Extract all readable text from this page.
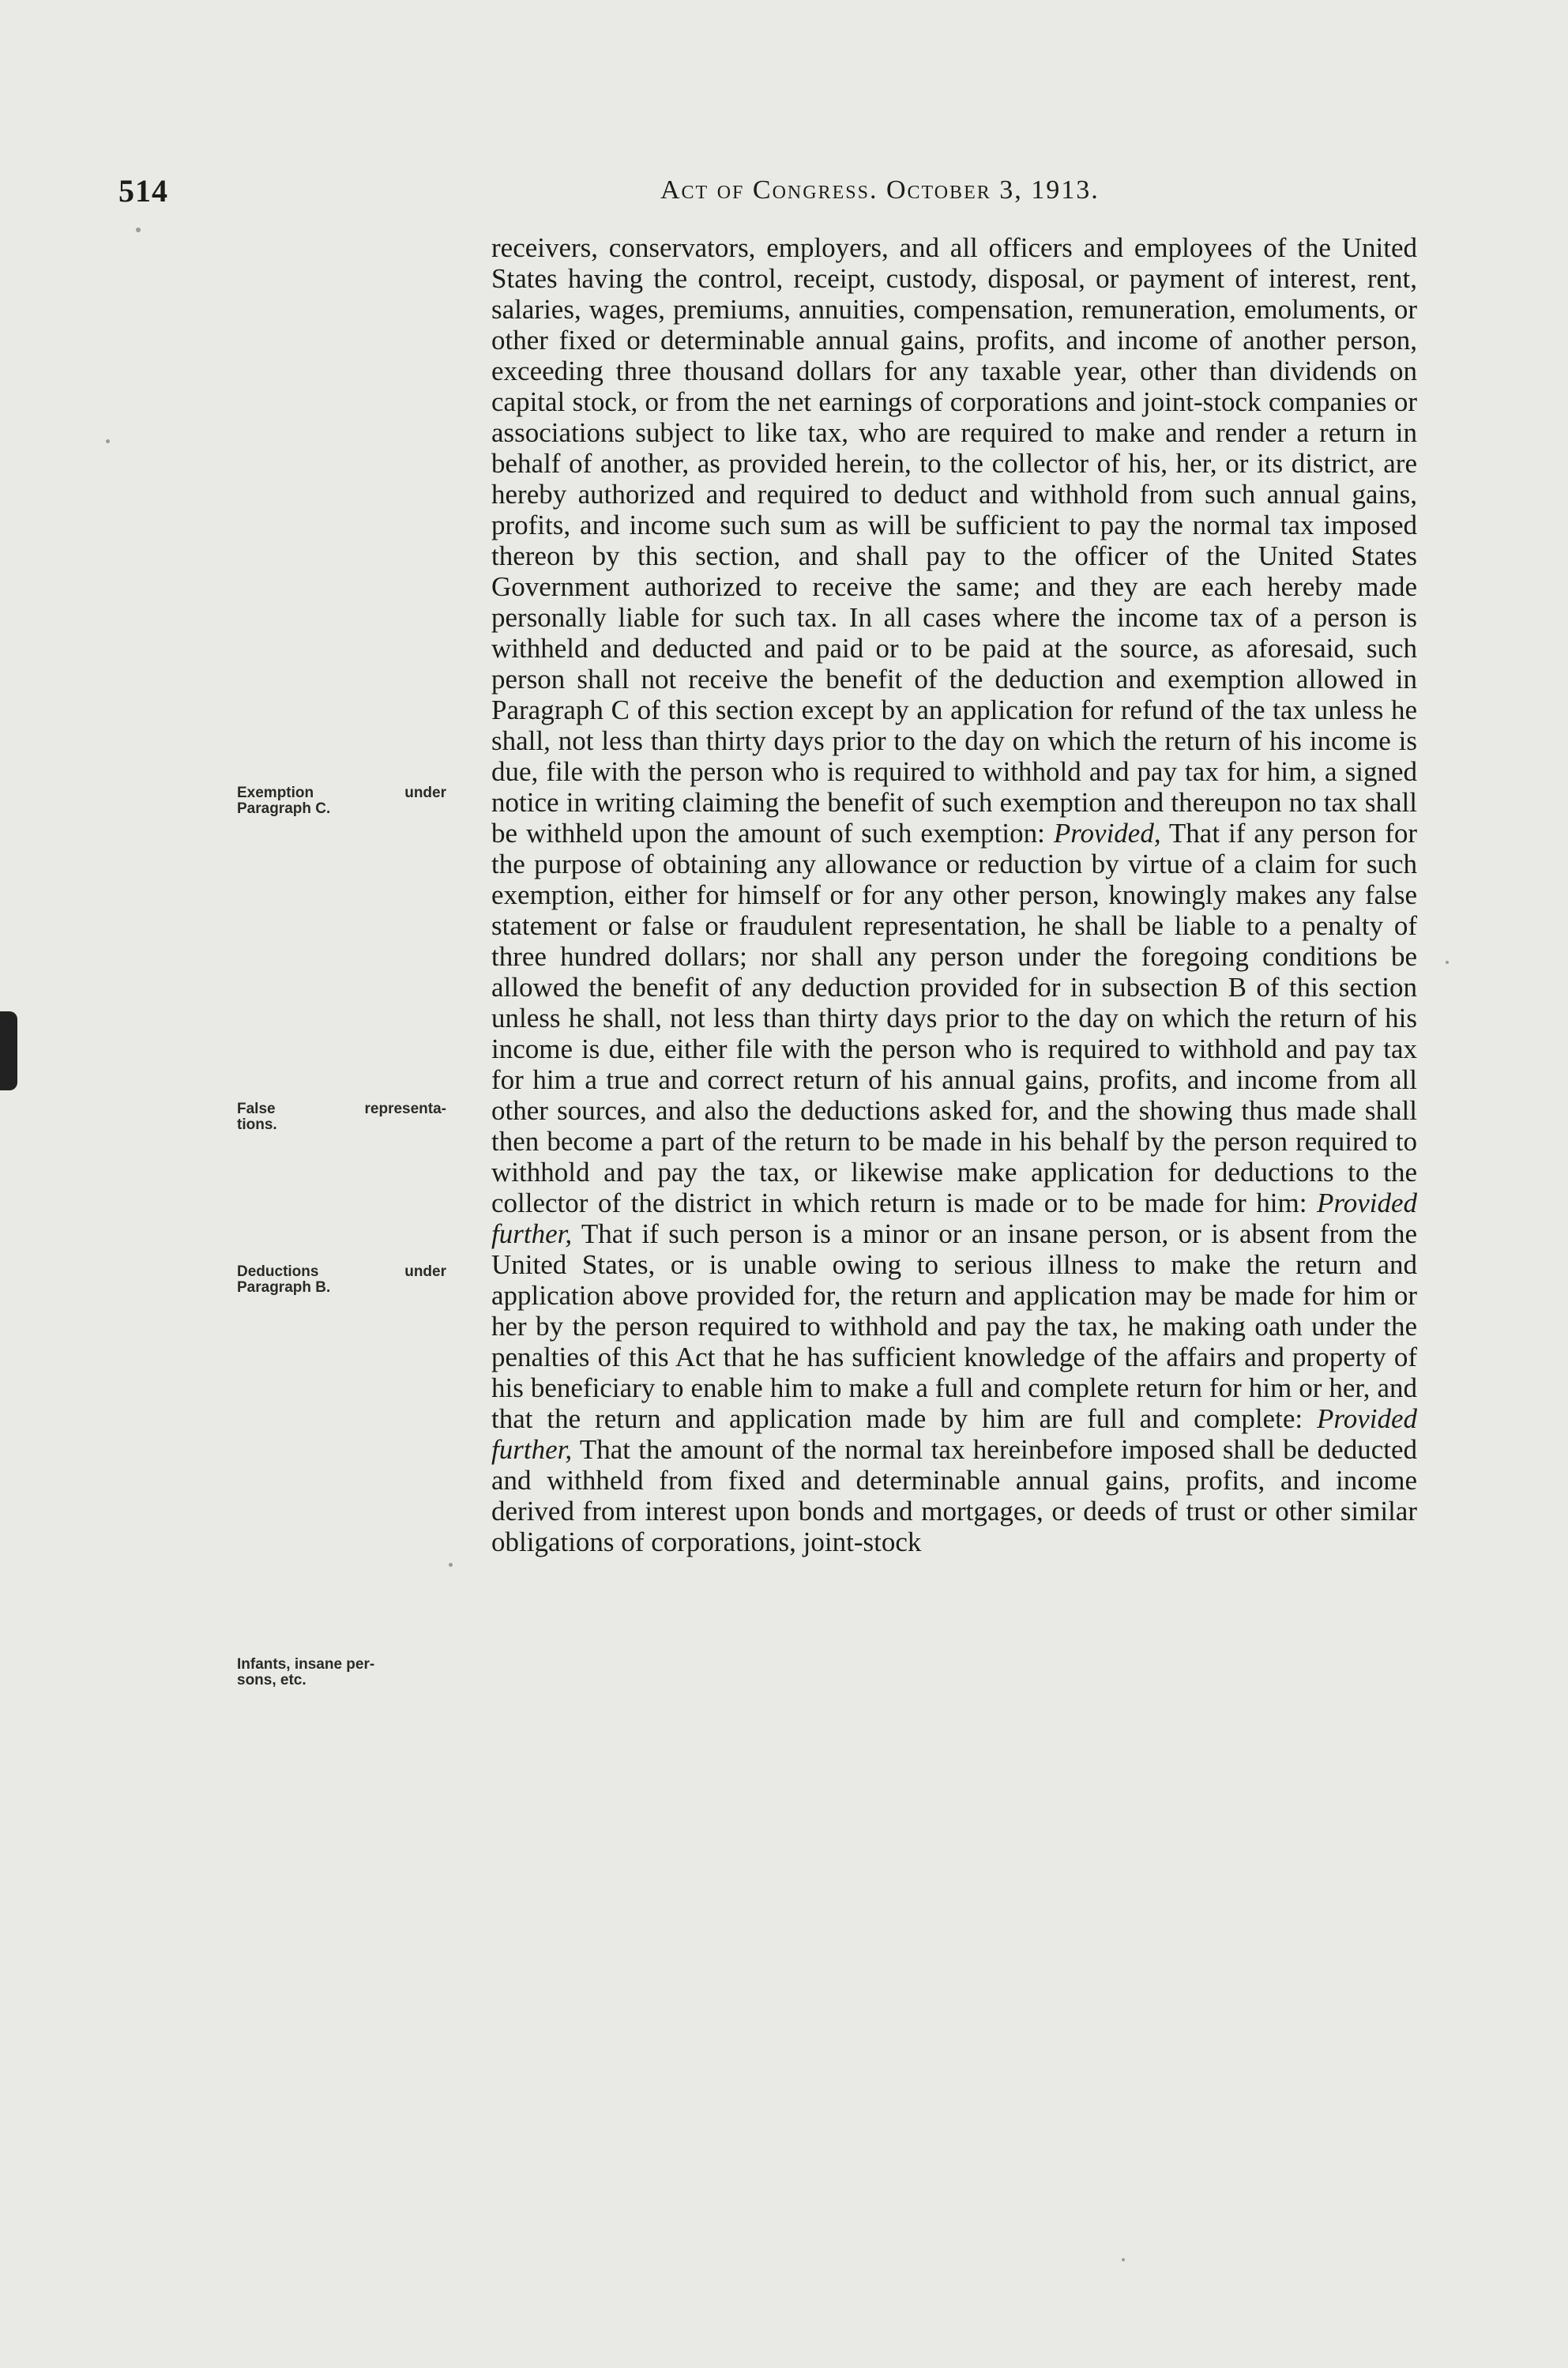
514	Act of Congress. October 3, 1913.
Exemption	under
Paragraph C.
False	representa-
tions.
Deductions	under
Paragraph B.
Infants, insane per-
sons, etc.

receivers, conservators, employers, and all officers and employees of the United States having the control, receipt, custody, disposal, or payment of interest, rent, salaries, wages, premiums, annuities, compensation, remuneration, emoluments, or other fixed or determinable annual gains, profits, and income of another person, exceeding three thousand dollars for any taxable year, other than dividends on capital stock, or from the net earnings of corporations and joint-stock companies or associations subject to like tax, who are required to make and render a return in behalf of another, as provided herein, to the collector of his, her, or its district, are hereby authorized and required to deduct and withhold from such annual gains, profits, and income such sum as will be sufficient to pay the normal tax imposed thereon by this section, and shall pay to the officer of the United States Government authorized to receive the same; and they are each hereby made personally liable for such tax. In all cases where the income tax of a person is withheld and deducted and paid or to be paid at the source, as aforesaid, such person shall not receive the benefit of the deduction and exemption allowed in Paragraph C of this section except by an application for refund of the tax unless he shall, not less than thirty days prior to the day on which the return of his income is due, file with the person who is required to withhold and pay tax for him, a signed notice in writing claiming the benefit of such exemption and thereupon no tax shall be withheld upon the amount of such exemption: Provided, That if any person for the purpose of obtaining any allowance or reduction by virtue of a claim for such exemption, either for himself or for any other person, knowingly makes any false statement or false or fraudulent representation, he shall be liable to a penalty of three hundred dollars; nor shall any person under the foregoing conditions be allowed the benefit of any deduction provided for in subsection B of this section unless he shall, not less than thirty days prior to the day on which the return of his income is due, either file with the person who is required to withhold and pay tax for him a true and correct return of his annual gains, profits, and income from all other sources, and also the deductions asked for, and the showing thus made shall then become a part of the return to be made in his behalf by the person required to withhold and pay the tax, or likewise make application for deductions to the collector of the district in which return is made or to be made for him: Provided further, That if such person is a minor or an insane person, or is absent from the United States, or is unable owing to serious illness to make the return and application above provided for, the return and application may be made for him or her by the person required to withhold and pay the tax, he making oath under the penalties of this Act that he has sufficient knowledge of the affairs and property of his beneficiary to enable him to make a full and complete return for him or her, and that the return and application made by him are full and complete: Provided further, That the amount of the normal tax hereinbefore imposed shall be deducted and withheld from fixed and determinable annual gains, profits, and income derived from interest upon bonds and mortgages, or deeds of trust or other similar obligations of corporations, joint-stock
